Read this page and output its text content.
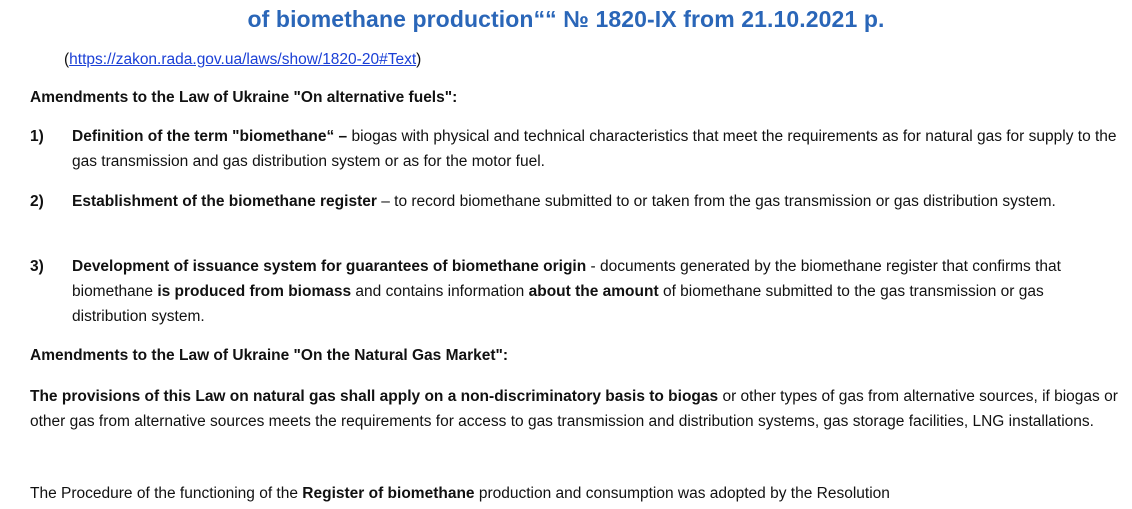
of biomethane production““ № 1820-IX from 21.10.2021 р.
(https://zakon.rada.gov.ua/laws/show/1820-20#Text)
Amendments to the Law of Ukraine "On alternative fuels":
1) Definition of the term "biomethane“ – biogas with physical and technical characteristics that meet the requirements as for natural gas for supply to the gas transmission and gas distribution system or as for the motor fuel.
2) Establishment of the biomethane register – to record biomethane submitted to or taken from the gas transmission or gas distribution system.
3) Development of issuance system for guarantees of biomethane origin - documents generated by the biomethane register that confirms that biomethane is produced from biomass and contains information about the amount of biomethane submitted to the gas transmission or gas distribution system.
Amendments to the Law of Ukraine "On the Natural Gas Market":
The provisions of this Law on natural gas shall apply on a non-discriminatory basis to biogas or other types of gas from alternative sources, if biogas or other gas from alternative sources meets the requirements for access to gas transmission and distribution systems, gas storage facilities, LNG installations.
The Procedure of the functioning of the Register of biomethane production and consumption was adopted by the Resolution
